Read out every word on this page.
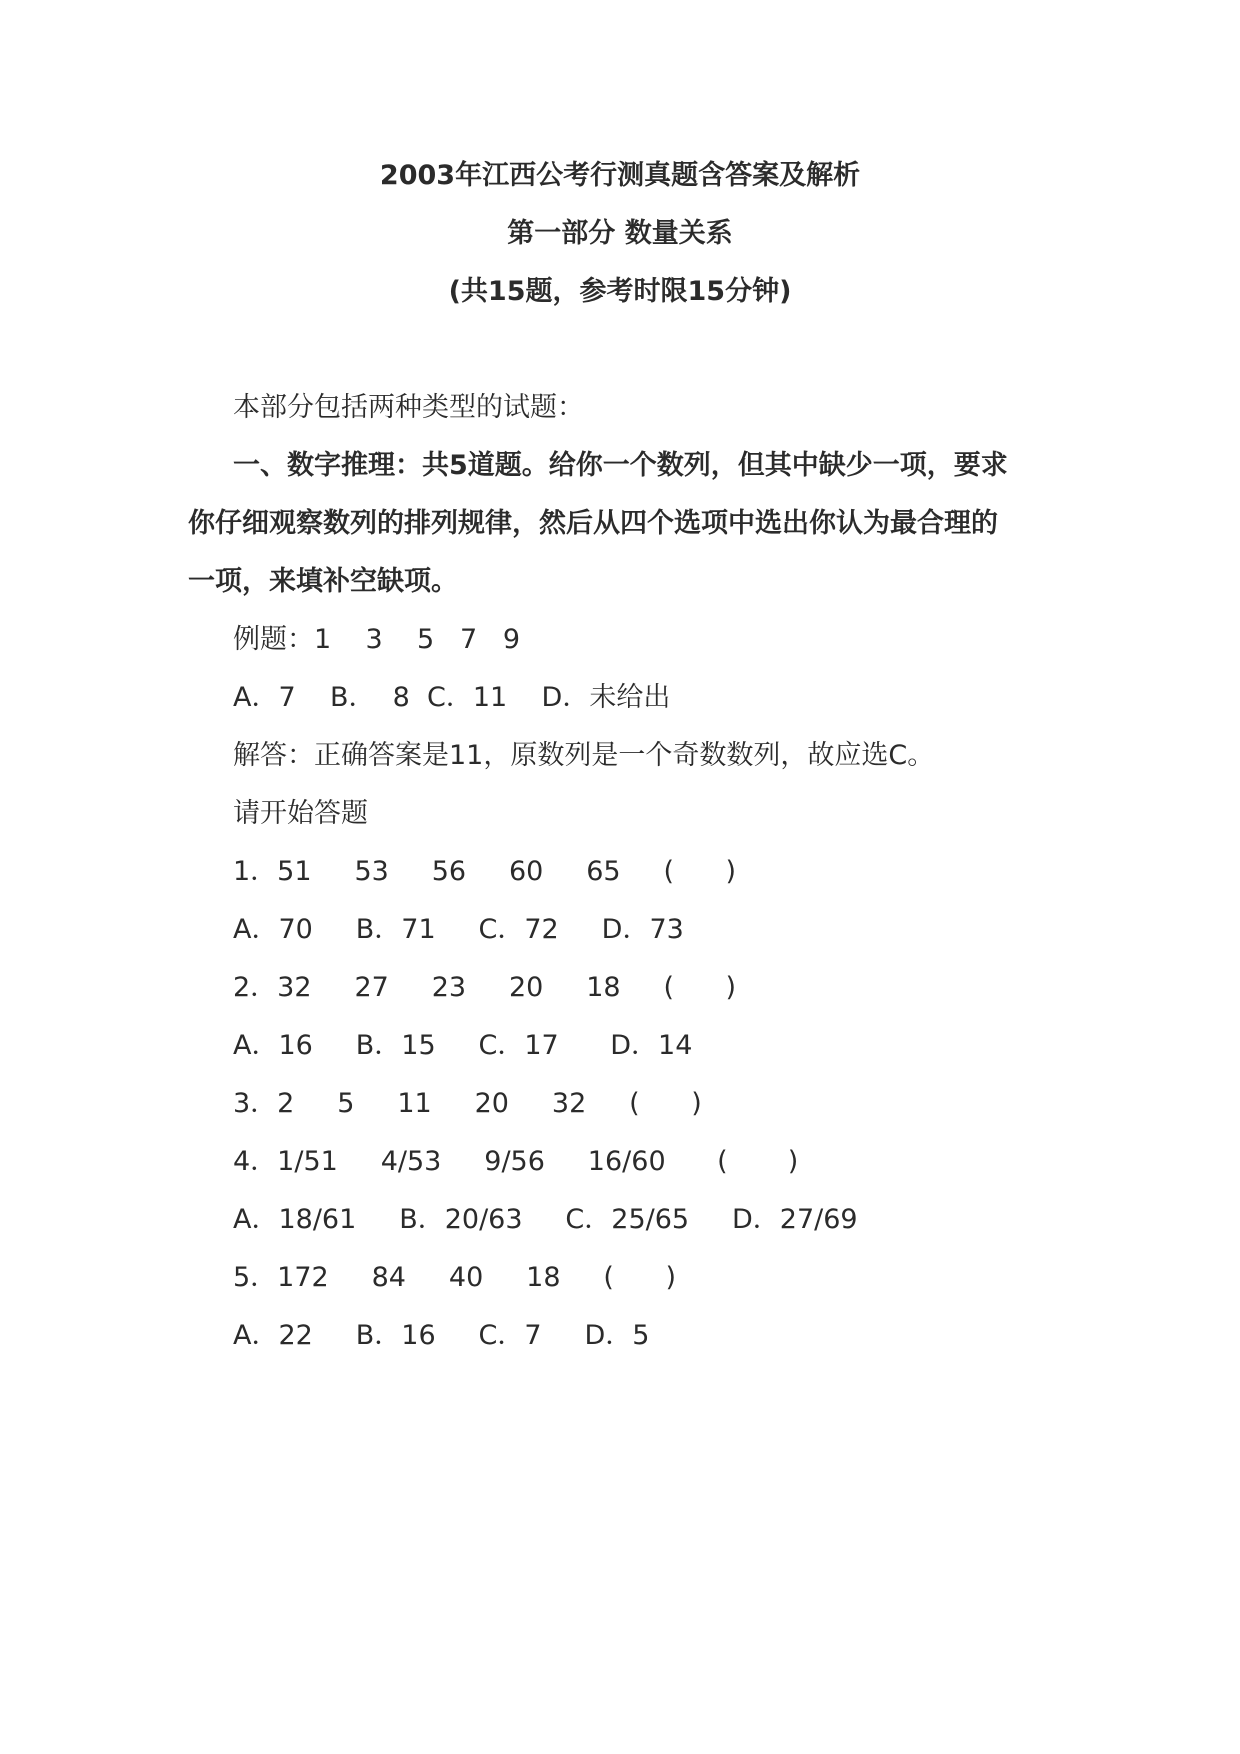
2003年江西公考行测真题含答案及解析
第一部分 数量关系
(共15题，参考时限15分钟)
本部分包括两种类型的试题：
一、数字推理：共5道题。给你一个数列，但其中缺少一项，要求
你仔细观察数列的排列规律，然后从四个选项中选出你认为最合理的
一项，来填补空缺项。
例题：1    3    5   7   9
A．7    B．  8  C．11    D．未给出
解答：正确答案是11，原数列是一个奇数数列，故应选C。
请开始答题
1．51     53     56     60     65     (      )
A．70     B．71     C．72     D．73
2．32     27     23     20     18     (      )
A．16     B．15     C．17      D．14
3．2     5     11     20     32     (      )
4．1/51     4/53     9/56     16/60      (       )
A．18/61     B．20/63     C．25/65     D．27/69
5．172     84     40     18     (      )
A．22     B．16     C．7     D．5
